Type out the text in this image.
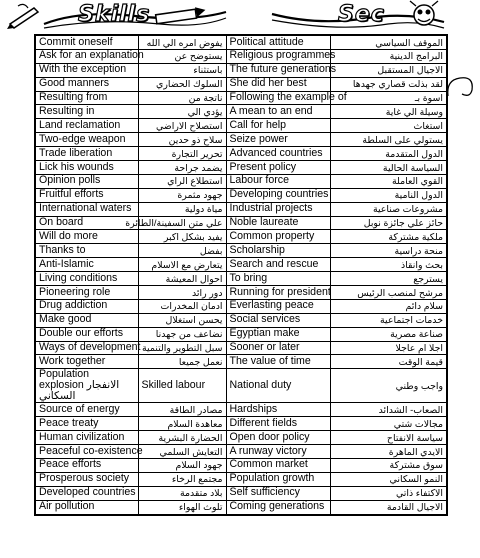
Skills	Sec
Commit oneself	يفوض امره الي الله	Political attitude	الموقف السياسي
Ask for an explanation	يستوضح عن	Religious programmes	البرامج الدينية
With the exception	باستثناء	The future generations	الاجيال المستقبل
Good manners	السلوك الحضاري	She did her best	لقد بذلت قصاري جهدها
Resulting from	ناتجة من	Following the example of	اسوة بـ
Resulting in	يؤدي الي	A mean to an end	وسيلة الي غاية
Land reclamation	استصلاح الاراضي	Call for help	استغاث
Two-edge weapon	سلاح ذو حدين	Seize power	يستولي على السلطة
Trade liberation	تحرير التجارة	Advanced countries	الدول المتقدمة
Lick his wounds	يضمد جراحة	Present policy	السياسة الحالية
Opinion polls	استطلاع الراي	Labour force	القوي العاملة
Fruitful efforts	جهود مثمرة	Developing countries	الدول النامية
International waters	مياة دولية	Industrial projects	مشروعات صناعية
On board	علي متن السفينة/الطائرة	Noble laureate	حائز علي جائزة نوبل
Will do more	يفيد بشكل اكبر	Common property	ملكية مشتركة
Thanks to	بفضل	Scholarship	منحة دراسية
Anti-Islamic	يتعارض مع الاسلام	Search and rescue	بحث وانقاذ
Living conditions	احوال المعيشة	To bring	يسترجع
Pioneering role	دور رائد	Running for president	مرشح لمنصب الرئيس
Drug addiction	ادمان المخدرات	Everlasting peace	سلام دائم
Make good	يحسن استغلال	Social services	خدمات اجتماعية
Double our efforts	نضاعف من جهدنا	Egyptian make	صناعة مصرية
Ways of development	سبل التطوير والتنمية	Sooner or later	اجلا ام عاجلا
Work together	نعمل جميعا	The value of time	قيمة الوقت
Population explosion الانفجار السكاني	Skilled labour	National duty	واجب وطني
Source of energy	مصادر الطاقة	Hardships	الصعاب- الشدائد
Peace treaty	معاهدة السلام	Different fields	مجالات شتي
Human civilization	الحضارة البشرية	Open door policy	سياسة الانفتاح
Peaceful co-existence	التعايش السلمي	A runway victory	الايدي الماهرة
Peace efforts	جهود السلام	Common market	سوق مشتركة
Prosperous society	مجتمع الرخاء	Population growth	النمو السكاني
Developed countries	بلاد متقدمة	Self sufficiency	الاكتفاء ذاتي
Air pollution	تلوث الهواء	Coming generations	الاجيال القادمة
